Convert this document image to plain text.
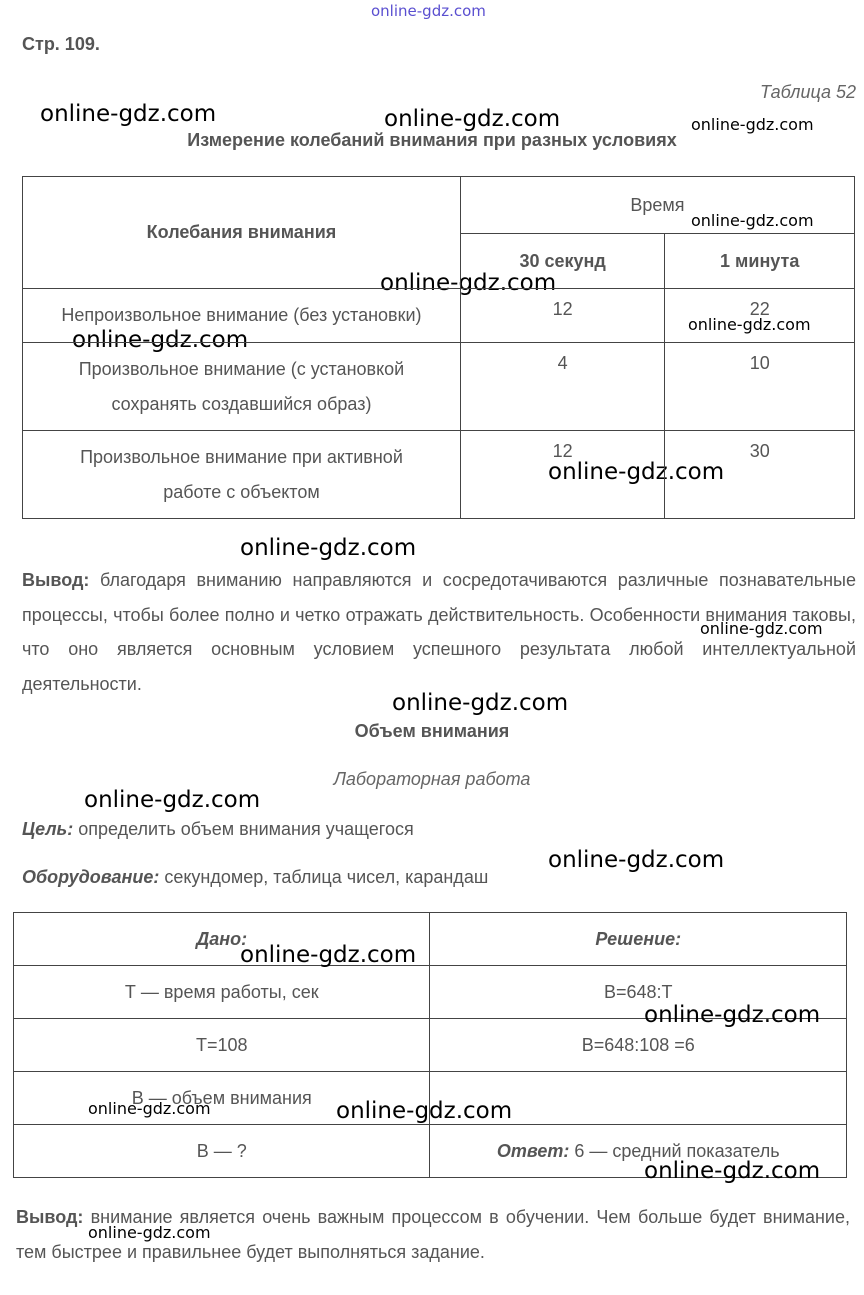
online-gdz.com
online-gdz.com	online-gdz.com	online-gdz.com
online-gdz.com
online-gdz.com
online-gdz.com
online-gdz.com
online-gdz.com
online-gdz.com
online-gdz.com
online-gdz.com
online-gdz.com
online-gdz.com
Стр. 109.
Таблица 52
Измерение колебаний внимания при разных условиях
Колебания внимания	Время	
	30 секунд	1 минута
Непроизвольное внимание (без установки)	12	22
Произвольное внимание (с установкой
сохранять создавшийся образ)	4	10
Произвольное внимание при активной
работе с объектом	12	30
Вывод: благодаря вниманию направляются и сосредотачиваются различные познавательные процессы, чтобы более полно и четко отражать действительность. Особенности внимания таковы, что оно является основным условием успешного результата любой интеллектуальной деятельности.
Объем внимания
Лабораторная работа
Цель: определить объем внимания учащегося
Оборудование: секундомер, таблица чисел, карандаш
Дано:	Решение:
Т — время работы, сек	В=648:Т
Т=108	В=648:108 =6
В — объем внимания	
В — ?	Ответ: 6 — средний показатель
online-gdz.com
online-gdz.com
online-gdz.com	online-gdz.com
online-gdz.com
Вывод: внимание является очень важным процессом в обучении. Чем больше будет внимание, тем быстрее и правильнее будет выполняться задание.
online-gdz.com
